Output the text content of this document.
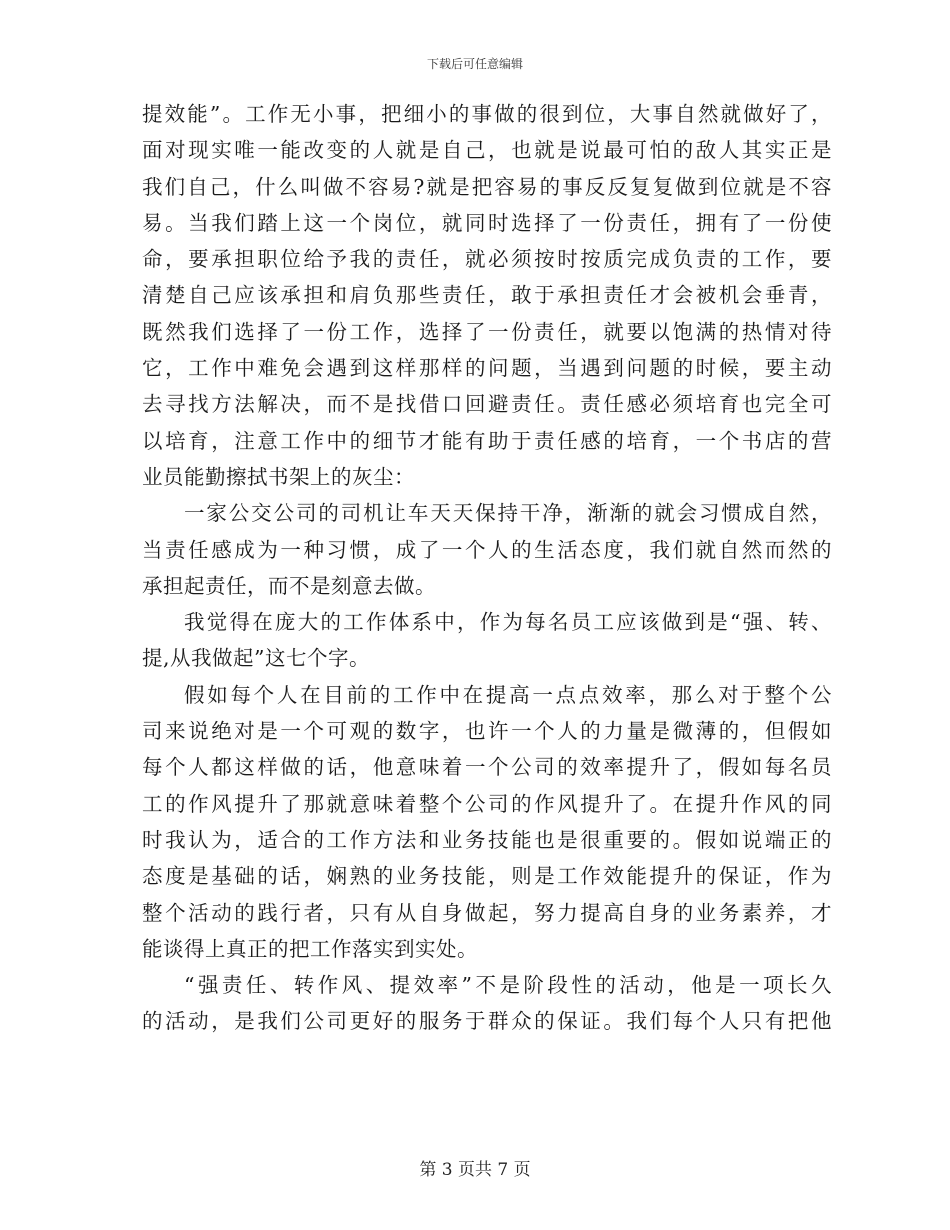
下载后可任意编辑
提效能”。工作无小事，把细小的事做的很到位，大事自然就做好了，
面对现实唯一能改变的人就是自己，也就是说最可怕的敌人其实正是
我们自己，什么叫做不容易?就是把容易的事反反复复做到位就是不容
易。当我们踏上这一个岗位，就同时选择了一份责任，拥有了一份使
命，要承担职位给予我的责任，就必须按时按质完成负责的工作，要
清楚自己应该承担和肩负那些责任，敢于承担责任才会被机会垂青，
既然我们选择了一份工作，选择了一份责任，就要以饱满的热情对待
它，工作中难免会遇到这样那样的问题，当遇到问题的时候，要主动
去寻找方法解决，而不是找借口回避责任。责任感必须培育也完全可
以培育，注意工作中的细节才能有助于责任感的培育，一个书店的营
业员能勤擦拭书架上的灰尘：
一家公交公司的司机让车天天保持干净，渐渐的就会习惯成自然，
当责任感成为一种习惯，成了一个人的生活态度，我们就自然而然的
承担起责任，而不是刻意去做。
我觉得在庞大的工作体系中，作为每名员工应该做到是“强、转、
提,从我做起”这七个字。
假如每个人在目前的工作中在提高一点点效率，那么对于整个公
司来说绝对是一个可观的数字，也许一个人的力量是微薄的，但假如
每个人都这样做的话，他意味着一个公司的效率提升了，假如每名员
工的作风提升了那就意味着整个公司的作风提升了。在提升作风的同
时我认为，适合的工作方法和业务技能也是很重要的。假如说端正的
态度是基础的话，娴熟的业务技能，则是工作效能提升的保证，作为
整个活动的践行者，只有从自身做起，努力提高自身的业务素养，才
能谈得上真正的把工作落实到实处。
“强责任、转作风、提效率”不是阶段性的活动，他是一项长久
的活动，是我们公司更好的服务于群众的保证。我们每个人只有把他
第 3 页共 7 页
